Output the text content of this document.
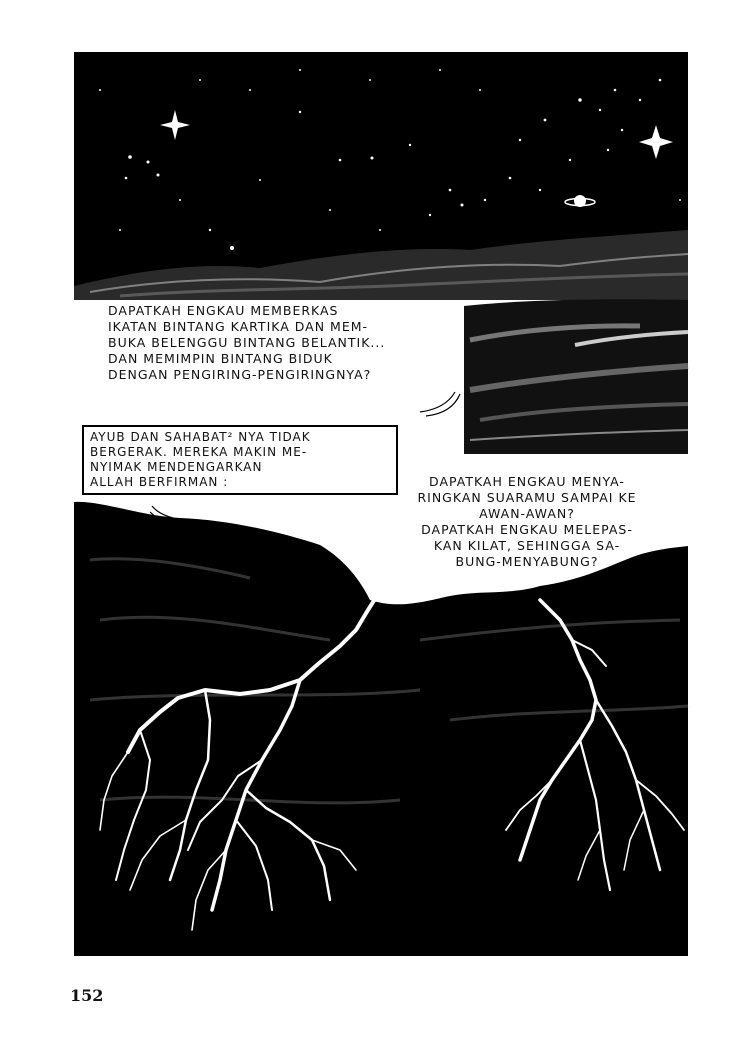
DAPATKAH ENGKAU MEMBERKAS
IKATAN BINTANG KARTIKA DAN MEM-
BUKA BELENGGU BINTANG BELANTIK...
DAN MEMIMPIN BINTANG BIDUK
DENGAN PENGIRING-PENGIRINGNYA?
AYUB DAN SAHABAT² NYA TIDAK
BERGERAK. MEREKA MAKIN ME-
NYIMAK MENDENGARKAN
ALLAH BERFIRMAN :	DAPATKAH ENGKAU MENYA-
RINGKAN SUARAMU SAMPAI KE
AWAN-AWAN?
DAPATKAH ENGKAU MELEPAS-
KAN KILAT, SEHINGGA SA-
BUNG-MENYABUNG?
152
